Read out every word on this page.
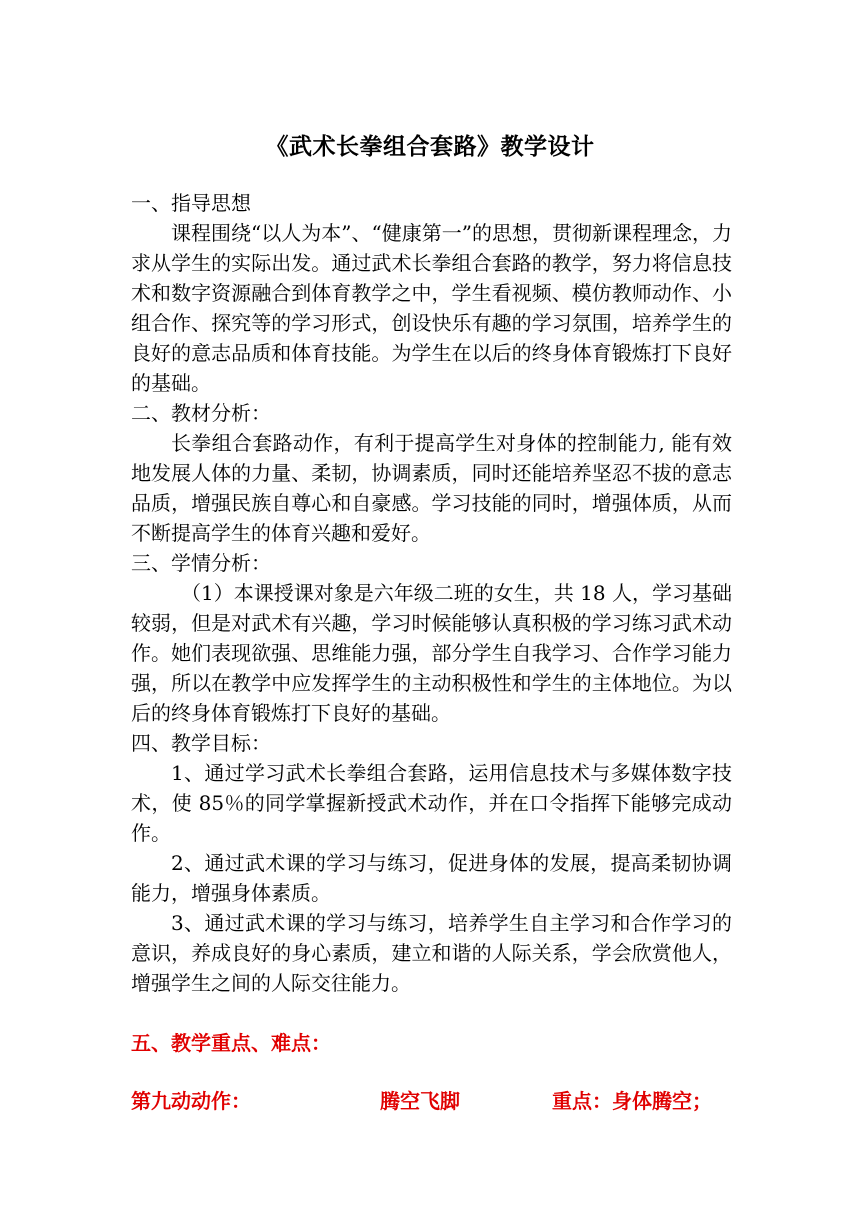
《武术长拳组合套路》教学设计

一、指导思想

课程围绕“以人为本”、“健康第一”的思想，贯彻新课程理念，力求从学生的实际出发。通过武术长拳组合套路的教学，努力将信息技术和数字资源融合到体育教学之中，学生看视频、模仿教师动作、小组合作、探究等的学习形式，创设快乐有趣的学习氛围，培养学生的良好的意志品质和体育技能。为学生在以后的终身体育锻炼打下良好的基础。

二、教材分析：

长拳组合套路动作，有利于提高学生对身体的控制能力, 能有效地发展人体的力量、柔韧，协调素质，同时还能培养坚忍不拔的意志品质，增强民族自尊心和自豪感。学习技能的同时，增强体质，从而不断提高学生的体育兴趣和爱好。

三、学情分析：

（1）本课授课对象是六年级二班的女生，共 18 人，学习基础较弱，但是对武术有兴趣，学习时候能够认真积极的学习练习武术动作。她们表现欲强、思维能力强，部分学生自我学习、合作学习能力强，所以在教学中应发挥学生的主动积极性和学生的主体地位。为以后的终身体育锻炼打下良好的基础。

四、教学目标：

1、通过学习武术长拳组合套路，运用信息技术与多媒体数字技术，使 85％的同学掌握新授武术动作，并在口令指挥下能够完成动作。

2、通过武术课的学习与练习，促进身体的发展，提高柔韧协调能力，增强身体素质。

3、通过武术课的学习与练习，培养学生自主学习和合作学习的意识，养成良好的身心素质，建立和谐的人际关系，学会欣赏他人，增强学生之间的人际交往能力。

五、教学重点、难点：
第九动动作：	腾空飞脚	重点：身体腾空；
